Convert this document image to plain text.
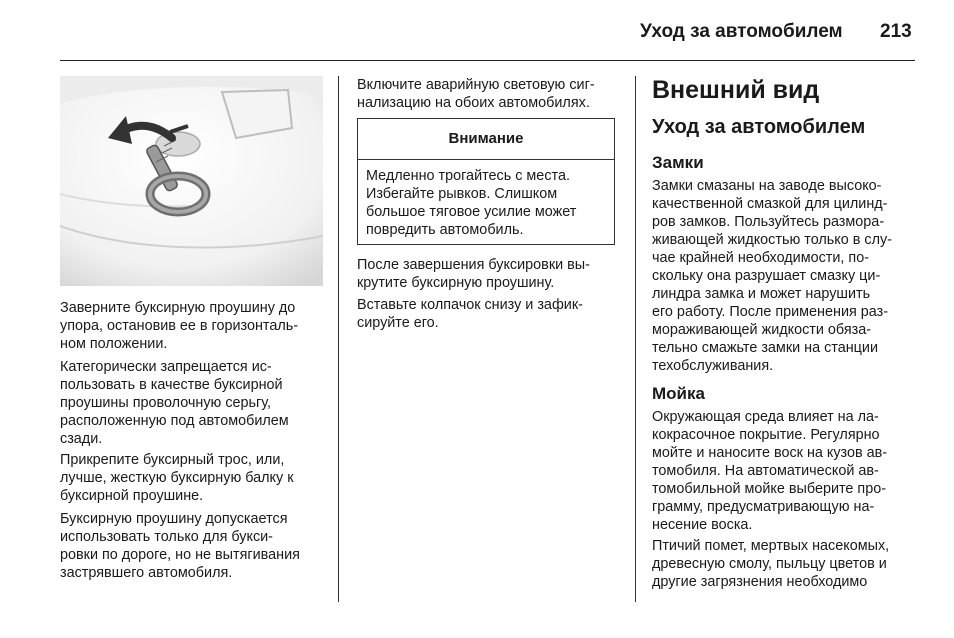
Уход за автомобилем 213

Заверните буксирную проушину до
упора, остановив ее в горизонталь-
ном положении.

Категорически запрещается ис-
пользовать в качестве буксирной
проушины проволочную серьгу,
расположенную под автомобилем
сзади.

Прикрепите буксирный трос, или,
лучше, жесткую буксирную балку к
буксирной проушине.

Буксирную проушину допускается
использовать только для букси-
ровки по дороге, но не вытягивания
застрявшего автомобиля.

Включите аварийную световую сиг-
нализацию на обоих автомобилях.

Внимание

Медленно трогайтесь с места.
Избегайте рывков. Слишком
большое тяговое усилие может
повредить автомобиль.

После завершения буксировки вы-
крутите буксирную проушину.

Вставьте колпачок снизу и зафик-
сируйте его.

Внешний вид
Уход за автомобилем
Замки

Замки смазаны на заводе высоко-
качественной смазкой для цилинд-
ров замков. Пользуйтесь размора-
живающей жидкостью только в слу-
чае крайней необходимости, по-
скольку она разрушает смазку ци-
линдра замка и может нарушить
его работу. После применения раз-
мораживающей жидкости обяза-
тельно смажьте замки на станции
техобслуживания.

Мойка

Окружающая среда влияет на ла-
кокрасочное покрытие. Регулярно
мойте и наносите воск на кузов ав-
томобиля. На автоматической ав-
томобильной мойке выберите про-
грамму, предусматривающую на-
несение воска.

Птичий помет, мертвых насекомых,
древесную смолу, пыльцу цветов и
другие загрязнения необходимо
